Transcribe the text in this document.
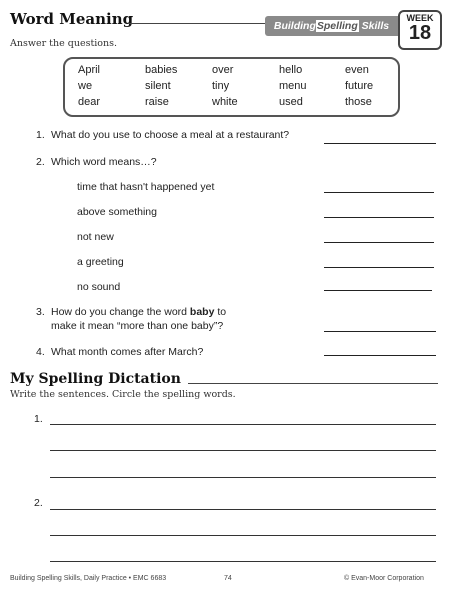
Word Meaning	BuildingSpelling Skills
WEEK
18
Answer the questions.
April	babies	over	hello	even
we	silent	tiny	menu	future
dear	raise	white	used	those
1. What do you use to choose a meal at a restaurant?
2. Which word means…?
time that hasn't happened yet
above something
not new
a greeting
no sound
3. How do you change the word baby to
make it mean “more than one baby”?
4. What month comes after March?
My Spelling Dictation
Write the sentences. Circle the spelling words.
1.
2.
Building Spelling Skills, Daily Practice • EMC 6683	74	© Evan-Moor Corporation
